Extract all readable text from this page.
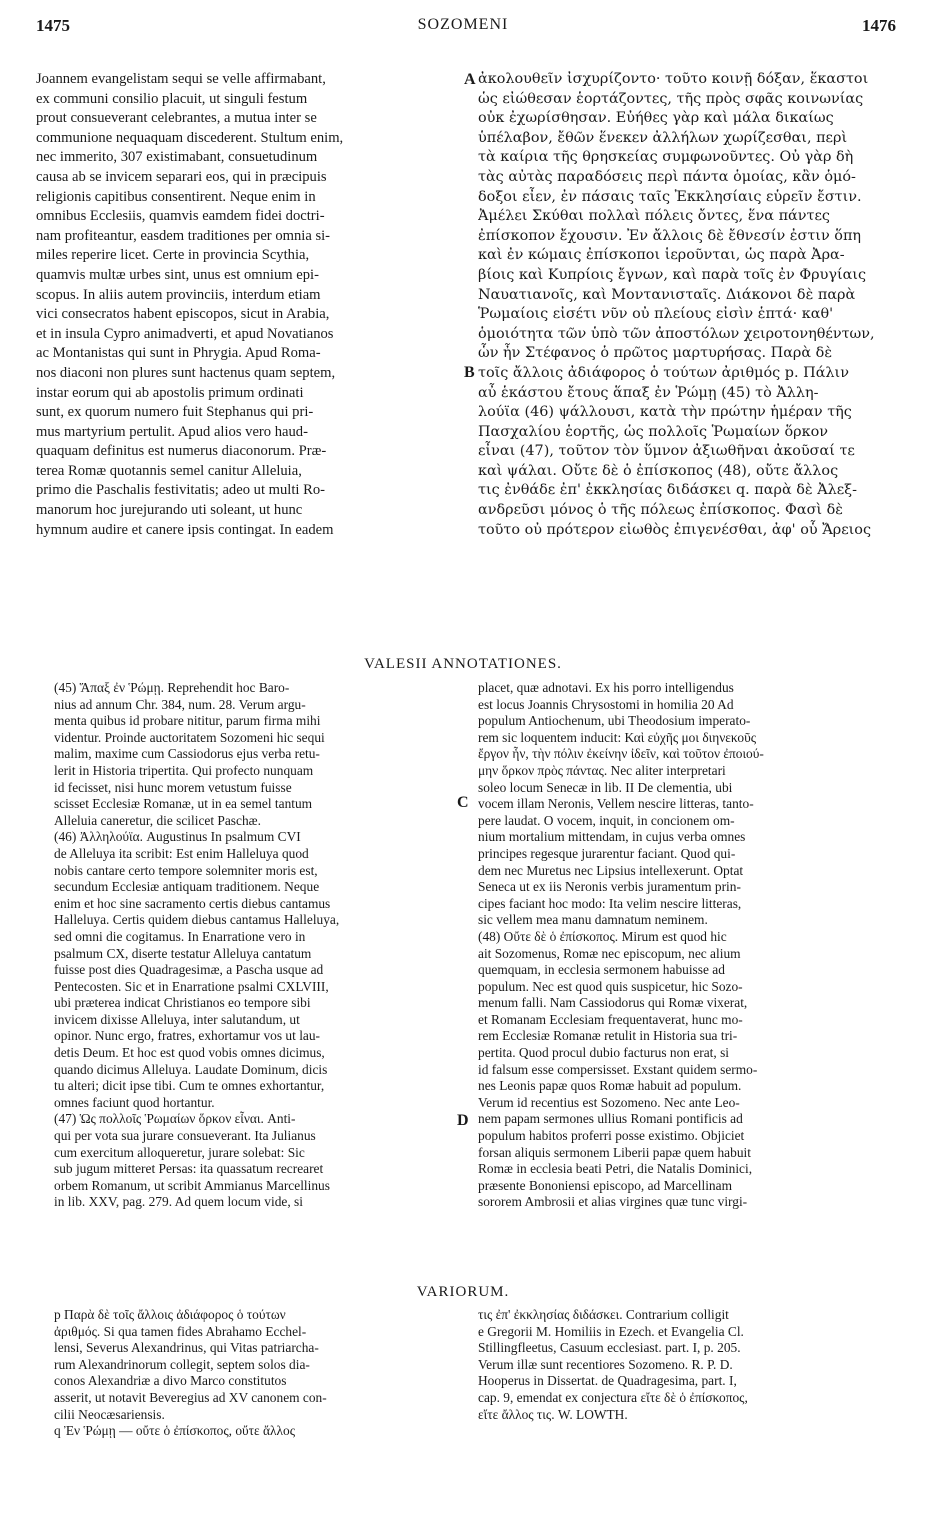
1475	SOZOMENI	1476
Joannem evangelistam sequi se velle affirmabant,
ex communi consilio placuit, ut singuli festum
prout consueverant celebrantes, a mutua inter se
communione nequaquam discederent. Stultum enim,
nec immerito, 307 existimabant, consuetudinum
causa ab se invicem separari eos, qui in præcipuis
religionis capitibus consentirent. Neque enim in
omnibus Ecclesiis, quamvis eamdem fidei doctri-
nam profiteantur, easdem traditiones per omnia si-
miles reperire licet. Certe in provincia Scythia,
quamvis multæ urbes sint, unus est omnium epi-
scopus. In aliis autem provinciis, interdum etiam
vici consecratos habent episcopos, sicut in Arabia,
et in insula Cypro animadverti, et apud Novatianos
ac Montanistas qui sunt in Phrygia. Apud Roma-
nos diaconi non plures sunt hactenus quam septem,
instar eorum qui ab apostolis primum ordinati
sunt, ex quorum numero fuit Stephanus qui pri-
mus martyrium pertulit. Apud alios vero haud-
quaquam definitus est numerus diaconorum. Præ-
terea Romæ quotannis semel canitur Alleluia,
primo die Paschalis festivitatis; adeo ut multi Ro-
manorum hoc jurejurando uti soleant, ut hunc
hymnum audire et canere ipsis contingat. In eadem
A
B
ἀκολουθεῖν ἰσχυρίζοντο· τοῦτο κοινῇ δόξαν, ἕκαστοι
ὡς εἰώθεσαν ἑορτάζοντες, τῆς πρὸς σφᾶς κοινωνίας
οὐκ ἐχωρίσθησαν. Εὐήθες γὰρ καὶ μάλα δικαίως
ὑπέλαβον, ἔθῶν ἕνεκεν ἀλλήλων χωρίζεσθαι, περὶ
τὰ καίρια τῆς θρησκείας συμφωνοῦντες. Οὐ γὰρ δὴ
τὰς αὐτὰς παραδόσεις περὶ πάντα ὁμοίας, κἂν ὁμό-
δοξοι εἶεν, ἐν πάσαις ταῖς Ἐκκλησίαις εὑρεῖν ἔστιν.
Ἀμέλει Σκύθαι πολλαὶ πόλεις ὄντες, ἕνα πάντες
ἐπίσκοπον ἔχουσιν. Ἐν ἄλλοις δὲ ἔθνεσίν ἐστιν ὅπη
καὶ ἐν κώμαις ἐπίσκοποι ἱερoῦνται, ὡς παρὰ Ἀρα-
βίοις καὶ Κυπρίοις ἔγνων, καὶ παρὰ τοῖς ἐν Φρυγίαις
Ναυατιανοῖς, καὶ Μοντανισταῖς. Διάκονοι δὲ παρὰ
Ῥωμαίοις εἰσέτι νῦν οὐ πλείους εἰσὶν ἑπτά· καθ'
ὁμοιότητα τῶν ὑπὸ τῶν ἀποστόλων χειροτονηθέντων,
ὧν ἦν Στέφανος ὁ πρῶτος μαρτυρήσας. Παρὰ δὲ
τοῖς ἄλλοις ἀδιάφορος ὁ τούτων ἀριθμός p. Πάλιν
αὖ ἑκάστου ἔτους ἅπαξ ἐν Ῥώμῃ (45) τὸ Ἀλλη-
λούϊα (46) ψάλλουσι, κατὰ τὴν πρώτην ἡμέραν τῆς
Πασχαλίου ἑορτῆς, ὡς πολλοῖς Ῥωμαίων ὅρκον
εἶναι (47), τοῦτον τὸν ὕμνον ἀξιωθῆναι ἀκοῦσαί τε
καὶ ψάλαι. Οὔτε δὲ ὁ ἐπίσκοπος (48), οὔτε ἄλλος
τις ἐνθάδε ἐπ' ἐκκλησίας διδάσκει q. παρὰ δὲ Ἀλεξ-
ανδρεῦσι μόνος ὁ τῆς πόλεως ἐπίσκοπος. Φασὶ δὲ
τοῦτο οὐ πρότερον εἰωθὸς ἐπιγενέσθαι, ἀφ' οὗ Ἄρειος
VALESII ANNOTATIONES.
(45) Ἅπαξ ἐν Ῥώμῃ. Reprehendit hoc Baro-
nius ad annum Chr. 384, num. 28. Verum argu-
menta quibus id probare nititur, parum firma mihi
videntur. Proinde auctoritatem Sozomeni hic sequi
malim, maxime cum Cassiodorus ejus verba retu-
lerit in Historia tripertita. Qui profecto nunquam
id fecisset, nisi hunc morem vetustum fuisse
scisset Ecclesiæ Romanæ, ut in ea semel tantum
Alleluia caneretur, die scilicet Paschæ.
(46) Ἀλληλούϊα. Augustinus In psalmum CVI
de Alleluya ita scribit: Est enim Halleluya quod
nobis cantare certo tempore solemniter moris est,
secundum Ecclesiæ antiquam traditionem. Neque
enim et hoc sine sacramento certis diebus cantamus
Halleluya. Certis quidem diebus cantamus Halleluya,
sed omni die cogitamus. In Enarratione vero in
psalmum CX, diserte testatur Alleluya cantatum
fuisse post dies Quadragesimæ, a Pascha usque ad
Pentecosten. Sic et in Enarratione psalmi CXLVIII,
ubi præterea indicat Christianos eo tempore sibi
invicem dixisse Alleluya, inter salutandum, ut
opinor. Nunc ergo, fratres, exhortamur vos ut lau-
detis Deum. Et hoc est quod vobis omnes dicimus,
quando dicimus Alleluya. Laudate Dominum, dicis
tu alteri; dicit ipse tibi. Cum te omnes exhortantur,
omnes faciunt quod hortantur.
(47) Ὡς πολλοῖς Ῥωμαίων ὅρκον εἶναι. Anti-
qui per vota sua jurare consueverant. Ita Julianus
cum exercitum alloqueretur, jurare solebat: Sic
sub jugum mitteret Persas: ita quassatum recrearet
orbem Romanum, ut scribit Ammianus Marcellinus
in lib. XXV, pag. 279. Ad quem locum vide, si
C
D
placet, quæ adnotavi. Ex his porro intelligendus
est locus Joannis Chrysostomi in homilia 20 Ad
populum Antiochenum, ubi Theodosium imperato-
rem sic loquentem inducit: Καὶ εὐχῆς μοι διηνεκοῦς
ἔργον ἦν, τὴν πόλιν ἐκείνην ἰδεῖν, καὶ τοῦτον ἐποιού-
μην ὅρκον πρὸς πάντας. Nec aliter interpretari
soleo locum Senecæ in lib. II De clementia, ubi
vocem illam Neronis, Vellem nescire litteras, tanto-
pere laudat. O vocem, inquit, in concionem om-
nium mortalium mittendam, in cujus verba omnes
principes regesque jurarentur faciant. Quod qui-
dem nec Muretus nec Lipsius intellexerunt. Optat
Seneca ut ex iis Neronis verbis juramentum prin-
cipes faciant hoc modo: Ita velim nescire litteras,
sic vellem mea manu damnatum neminem.
(48) Οὔτε δὲ ὁ ἐπίσκοπος. Mirum est quod hic
ait Sozomenus, Romæ nec episcopum, nec alium
quemquam, in ecclesia sermonem habuisse ad
populum. Nec est quod quis suspicetur, hic Sozo-
menum falli. Nam Cassiodorus qui Romæ vixerat,
et Romanam Ecclesiam frequentaverat, hunc mo-
rem Ecclesiæ Romanæ retulit in Historia sua tri-
pertita. Quod procul dubio facturus non erat, si
id falsum esse compersisset. Exstant quidem sermo-
nes Leonis papæ quos Romæ habuit ad populum.
Verum id recentius est Sozomeno. Nec ante Leo-
nem papam sermones ullius Romani pontificis ad
populum habitos proferri posse existimo. Objiciet
forsan aliquis sermonem Liberii papæ quem habuit
Romæ in ecclesia beati Petri, die Natalis Dominici,
præsente Bononiensi episcopo, ad Marcellinam
sororem Ambrosii et alias virgines quæ tunc virgi-
VARIORUM.
p Παρὰ δὲ τοῖς ἄλλοις ἀδιάφορος ὁ τούτων
ἀριθμός. Si qua tamen fides Abrahamo Ecchel-
lensi, Severus Alexandrinus, qui Vitas patriarcha-
rum Alexandrinorum collegit, septem solos dia-
conos Alexandriæ a divo Marco constitutos
asserit, ut notavit Beveregius ad XV canonem con-
cilii Neocæsariensis.
q Ἐν Ῥώμῃ — οὔτε ὁ ἐπίσκοπος, οὔτε ἄλλος
τις ἐπ' ἐκκλησίας διδάσκει. Contrarium colligit
e Gregorii M. Homiliis in Ezech. et Evangelia Cl.
Stillingfleetus, Casuum ecclesiast. part. I, p. 205.
Verum illæ sunt recentiores Sozomeno. R. P. D.
Hooperus in Dissertat. de Quadragesima, part. I,
cap. 9, emendat ex conjectura εἴτε δὲ ὁ ἐπίσκοπος,
εἴτε ἄλλος τις. W. LOWTH.
